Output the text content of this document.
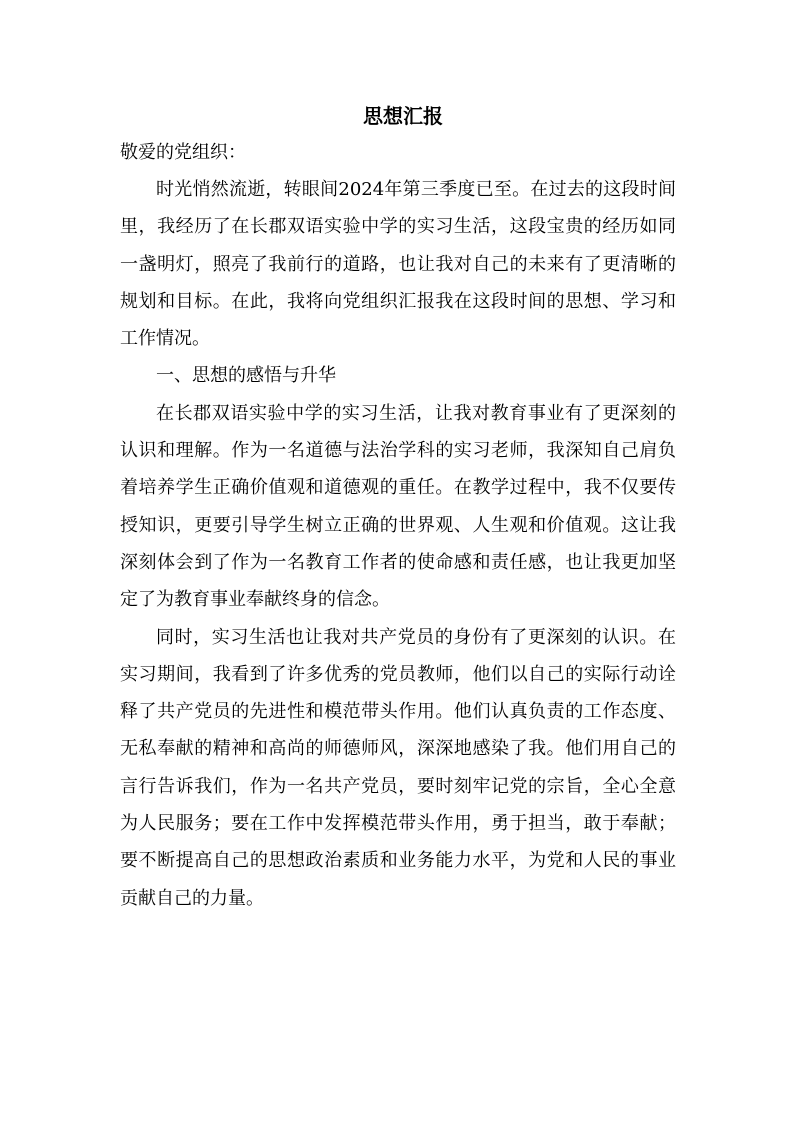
思想汇报

敬爱的党组织：

时光悄然流逝，转眼间2024年第三季度已至。在过去的这段时间里，我经历了在长郡双语实验中学的实习生活，这段宝贵的经历如同一盏明灯，照亮了我前行的道路，也让我对自己的未来有了更清晰的规划和目标。在此，我将向党组织汇报我在这段时间的思想、学习和工作情况。

一、思想的感悟与升华

在长郡双语实验中学的实习生活，让我对教育事业有了更深刻的认识和理解。作为一名道德与法治学科的实习老师，我深知自己肩负着培养学生正确价值观和道德观的重任。在教学过程中，我不仅要传授知识，更要引导学生树立正确的世界观、人生观和价值观。这让我深刻体会到了作为一名教育工作者的使命感和责任感，也让我更加坚定了为教育事业奉献终身的信念。

同时，实习生活也让我对共产党员的身份有了更深刻的认识。在实习期间，我看到了许多优秀的党员教师，他们以自己的实际行动诠释了共产党员的先进性和模范带头作用。他们认真负责的工作态度、无私奉献的精神和高尚的师德师风，深深地感染了我。他们用自己的言行告诉我们，作为一名共产党员，要时刻牢记党的宗旨，全心全意为人民服务；要在工作中发挥模范带头作用，勇于担当，敢于奉献；要不断提高自己的思想政治素质和业务能力水平，为党和人民的事业贡献自己的力量。
